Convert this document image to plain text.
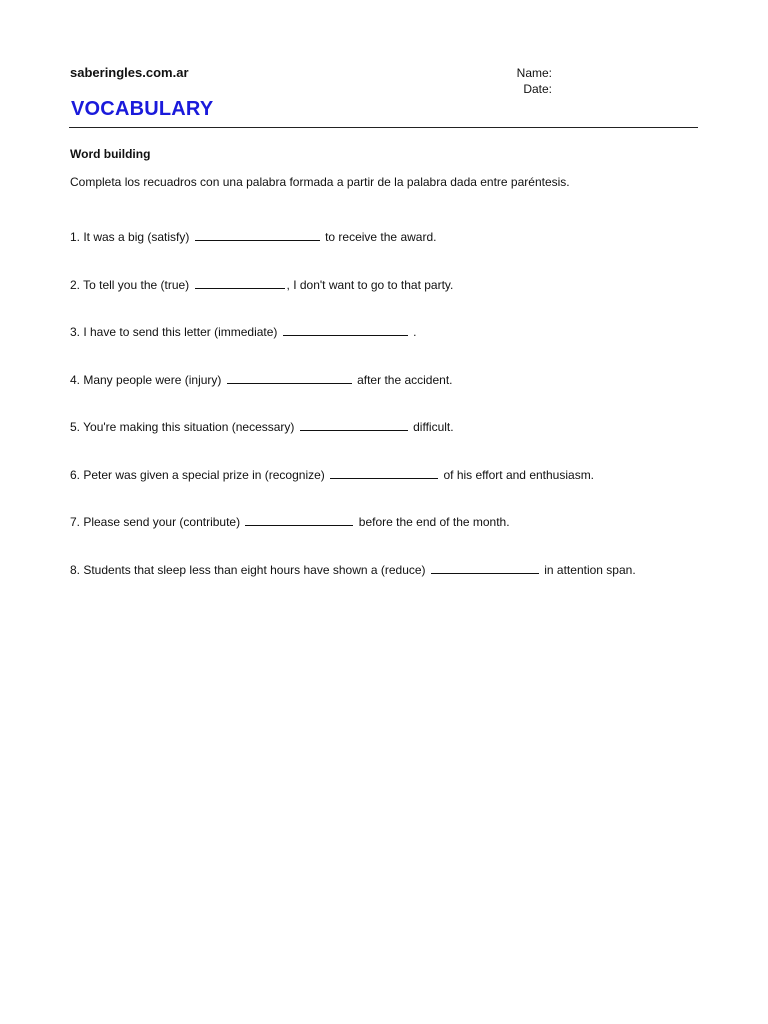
saberingles.com.ar	Name:
Date:
VOCABULARY
Word building
Completa los recuadros con una palabra formada a partir de la palabra dada entre paréntesis.
1. It was a big (satisfy)	to receive the award.
2. To tell you the (true)	, I don't want to go to that party.
3. I have to send this letter (immediate)	.
4. Many people were (injury)	after the accident.
5. You're making this situation (necessary)	difficult.
6. Peter was given a special prize in (recognize)	of his effort and enthusiasm.
7. Please send your (contribute)	before the end of the month.
8. Students that sleep less than eight hours have shown a (reduce)	in attention span.
